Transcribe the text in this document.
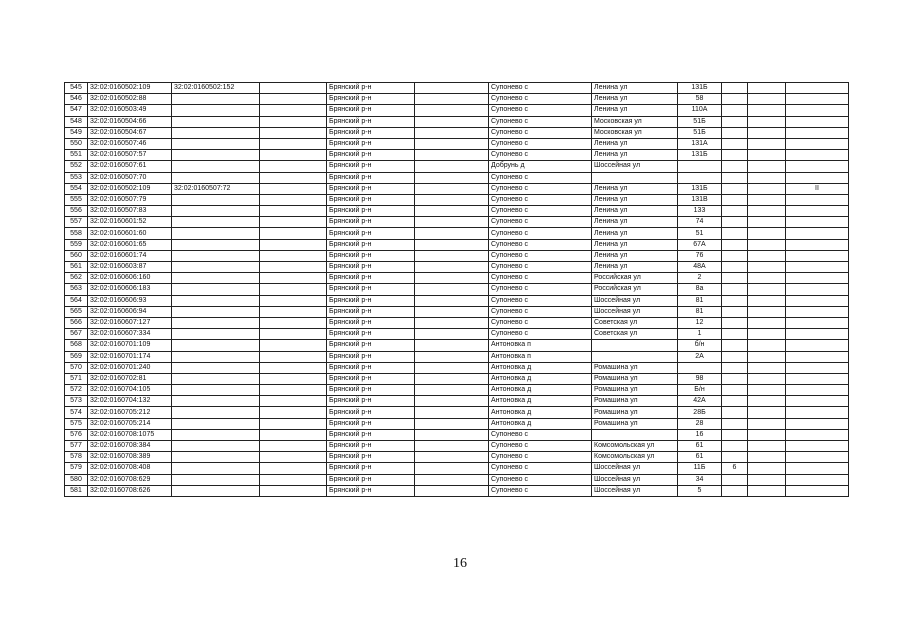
545	32:02:0160502:109	32:02:0160502:152		Брянский р-н		Супонево с	Ленина ул	131Б			
546	32:02:0160502:88			Брянский р-н		Супонево с	Ленина ул	58			
547	32:02:0160503:49			Брянский р-н		Супонево с	Ленина ул	110А			
548	32:02:0160504:66			Брянский р-н		Супонево с	Московская ул	51Б			
549	32:02:0160504:67			Брянский р-н		Супонево с	Московская ул	51Б			
550	32:02:0160507:46			Брянский р-н		Супонево с	Ленина ул	131А			
551	32:02:0160507:57			Брянский р-н		Супонево с	Ленина ул	131Б			
552	32:02:0160507:61			Брянский р-н		Добрунь д	Шоссейная ул				
553	32:02:0160507:70			Брянский р-н		Супонево с					
554	32:02:0160502:109	32:02:0160507:72		Брянский р-н		Супонево с	Ленина ул	131Б			II
555	32:02:0160507:79			Брянский р-н		Супонево с	Ленина ул	131В			
556	32:02:0160507:83			Брянский р-н		Супонево с	Ленина ул	133			
557	32:02:0160601:52			Брянский р-н		Супонево с	Ленина ул	74			
558	32:02:0160601:60			Брянский р-н		Супонево с	Ленина ул	51			
559	32:02:0160601:65			Брянский р-н		Супонево с	Ленина ул	67А			
560	32:02:0160601:74			Брянский р-н		Супонево с	Ленина ул	76			
561	32:02:0160603:87			Брянский р-н		Супонево с	Ленина ул	48А			
562	32:02:0160606:160			Брянский р-н		Супонево с	Российская ул	2			
563	32:02:0160606:183			Брянский р-н		Супонево с	Российская ул	8а			
564	32:02:0160606:93			Брянский р-н		Супонево с	Шоссейная ул	81			
565	32:02:0160606:94			Брянский р-н		Супонево с	Шоссейная ул	81			
566	32:02:0160607:127			Брянский р-н		Супонево с	Советская ул	12			
567	32:02:0160607:334			Брянский р-н		Супонево с	Советская ул	1			
568	32:02:0160701:109			Брянский р-н		Антоновка п		б/н			
569	32:02:0160701:174			Брянский р-н		Антоновка п		2А			
570	32:02:0160701:240			Брянский р-н		Антоновка д	Ромашина ул				
571	32:02:0160702:81			Брянский р-н		Антоновка д	Ромашина ул	98			
572	32:02:0160704:105			Брянский р-н		Антоновка д	Ромашина ул	Б/н			
573	32:02:0160704:132			Брянский р-н		Антоновка д	Ромашина ул	42А			
574	32:02:0160705:212			Брянский р-н		Антоновка д	Ромашина ул	28Б			
575	32:02:0160705:214			Брянский р-н		Антоновка д	Ромашина ул	28			
576	32:02:0160708:1075			Брянский р-н		Супонево с		16			
577	32:02:0160708:384			Брянский р-н		Супонево с	Комсомольская ул	61			
578	32:02:0160708:389			Брянский р-н		Супонево с	Комсомольская ул	61			
579	32:02:0160708:408			Брянский р-н		Супонево с	Шоссейная ул	11Б	6		
580	32:02:0160708:629			Брянский р-н		Супонево с	Шоссейная ул	34			
581	32:02:0160708:626			Брянский р-н		Супонево с	Шоссейная ул	5			
16
